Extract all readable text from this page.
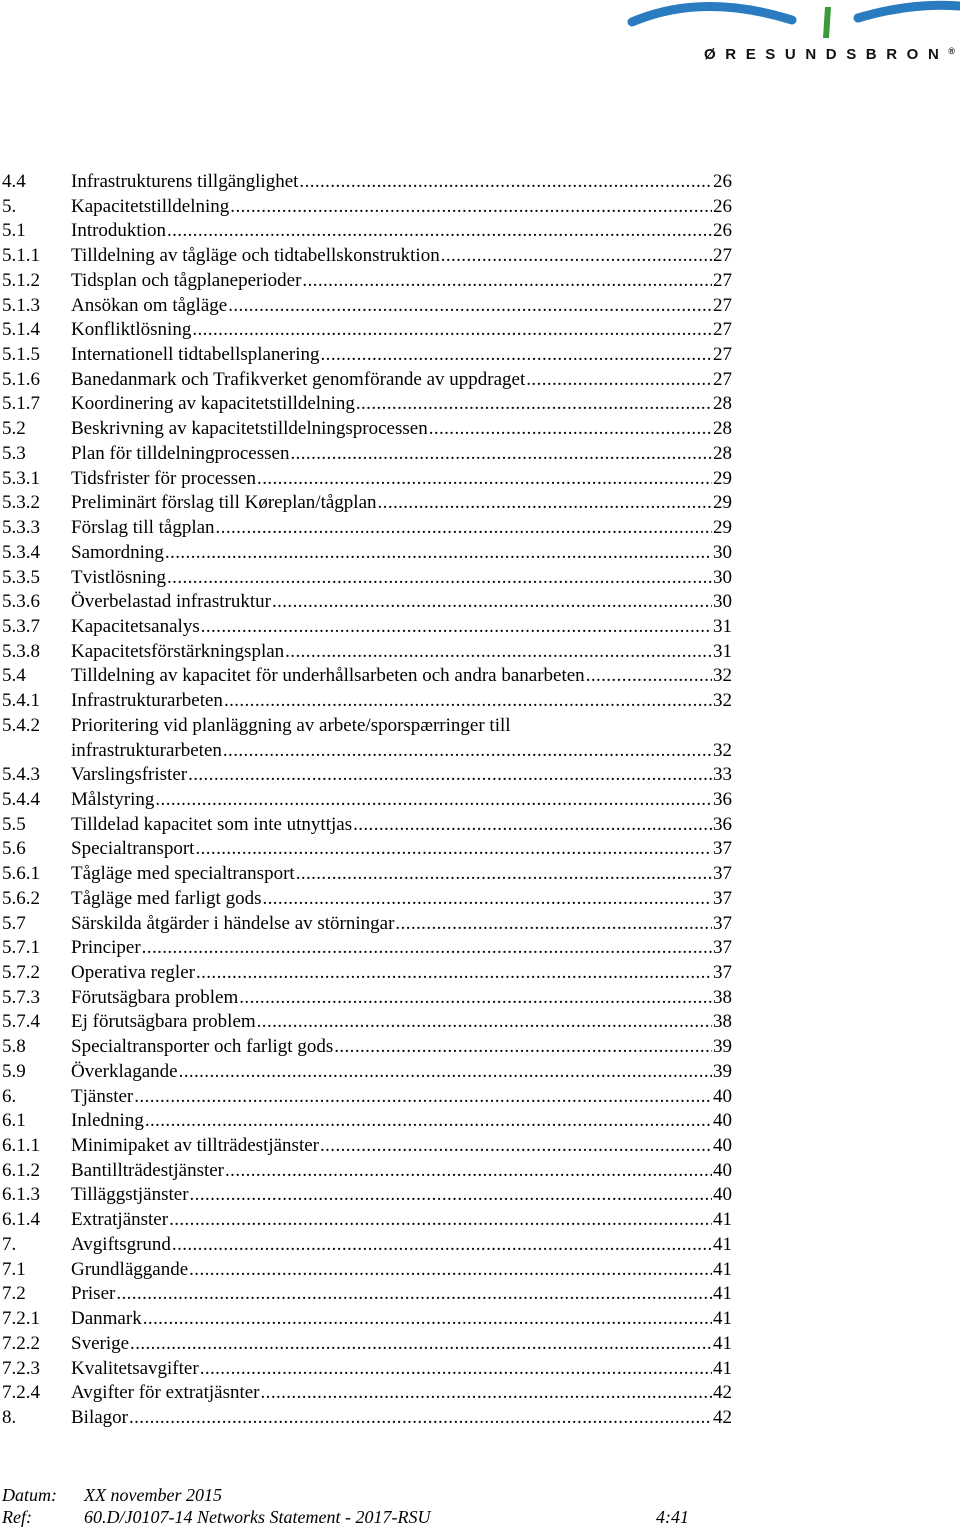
ØRESUNDSBRON®
4.4 Infrastrukturens tillgänglighet .....	26
5.	Kapacitetstilldelning .....	26
5.1 Introduktion .....	26
5.1.1 Tilldelning av tågläge och tidtabellskonstruktion .....	27
5.1.2 Tidsplan och tågplaneperioder .....	27
5.1.3 Ansökan om tågläge .....	27
5.1.4 Konfliktlösning .....	27
5.1.5 Internationell tidtabellsplanering .....	27
5.1.6 Banedanmark och Trafikverket genomförande av uppdraget .....	27
5.1.7 Koordinering av kapacitetstilldelning .....	28
5.2 Beskrivning av kapacitetstilldelningsprocessen .....	28
5.3 Plan för tilldelningprocessen .....	28
5.3.1 Tidsfrister för processen .....	29
5.3.2 Preliminärt förslag till Køreplan/tågplan .....	29
5.3.3 Förslag till tågplan .....	29
5.3.4 Samordning .....	30
5.3.5 Tvistlösning .....	30
5.3.6 Överbelastad infrastruktur .....	30
5.3.7 Kapacitetsanalys .....	31
5.3.8 Kapacitetsförstärkningsplan .....	31
5.4 Tilldelning av kapacitet för underhållsarbeten och andra banarbeten .....	32
5.4.1 Infrastrukturarbeten .....	32
5.4.2 Prioritering vid planläggning av arbete/sporspærringer till
infrastrukturarbeten .....	32
5.4.3 Varslingsfrister .....	33
5.4.4 Målstyring .....	36
5.5 Tilldelad kapacitet som inte utnyttjas .....	36
5.6 Specialtransport .....	37
5.6.1 Tågläge med specialtransport .....	37
5.6.2 Tågläge med farligt gods .....	37
5.7 Särskilda åtgärder i händelse av störningar .....	37
5.7.1 Principer .....	37
5.7.2 Operativa regler .....	37
5.7.3 Förutsägbara problem .....	38
5.7.4 Ej förutsägbara problem .....	38
5.8 Specialtransporter och farligt gods .....	39
5.9 Överklagande .....	39
6.	Tjänster .....	40
6.1 Inledning .....	40
6.1.1 Minimipaket av tillträdestjänster .....	40
6.1.2 Bantillträdestjänster .....	40
6.1.3 Tilläggstjänster .....	40
6.1.4 Extratjänster .....	41
7.	Avgiftsgrund .....	41
7.1 Grundläggande .....	41
7.2 Priser .....	41
7.2.1 Danmark .....	41
7.2.2 Sverige .....	41
7.2.3 Kvalitetsavgifter .....	41
7.2.4 Avgifter för extratjäsnter .....	42
8.	Bilagor .....	42
Datum: XX november 2015
Ref:	60.D/J0107-14 Networks Statement - 2017-RSU	4:41
